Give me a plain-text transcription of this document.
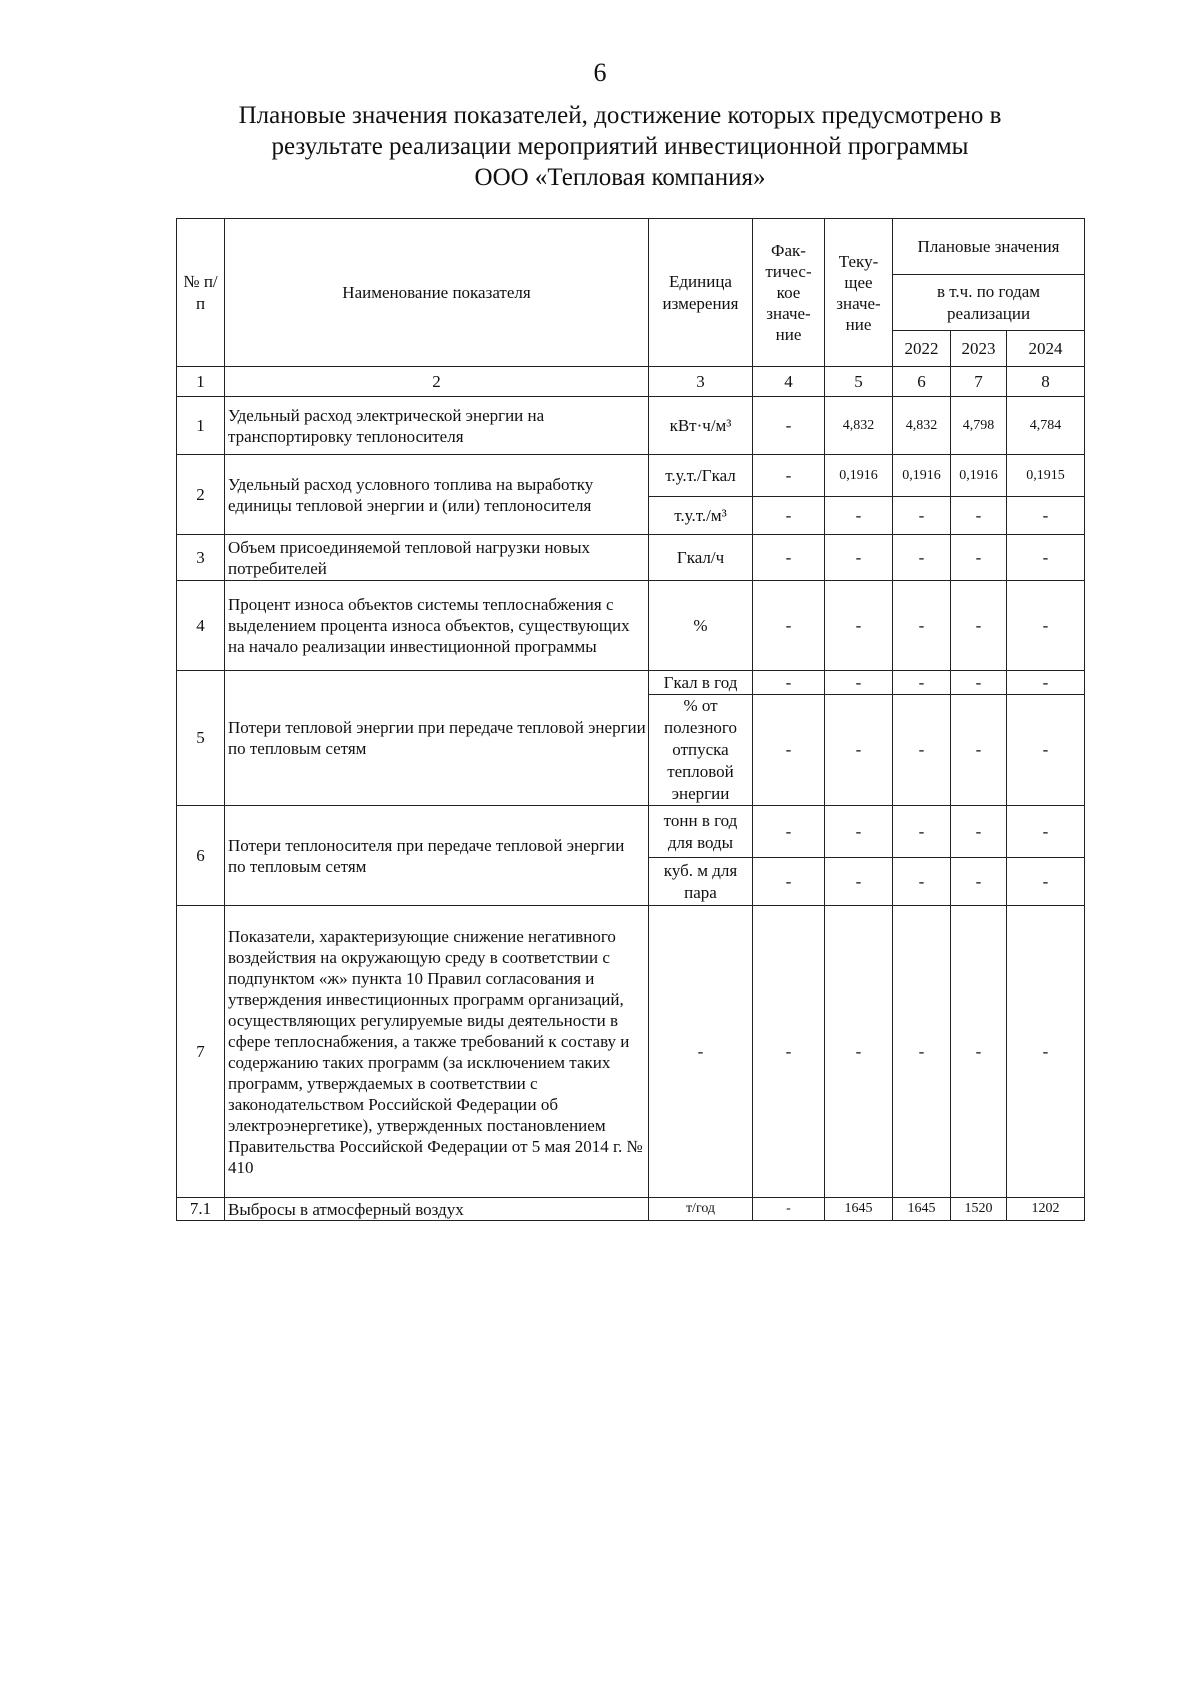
6
Плановые значения показателей, достижение которых предусмотрено в
результате реализации мероприятий инвестиционной программы
ООО «Тепловая компания»
№ п/п	Наименование показателя	Единица измерения	Фак-тичес-кое значе-ние	Теку-щее значе-ние	Плановые значения		
					в т.ч. по годам реализации		
					2022	2023	2024
1	2	3	4	5	6	7	8
1	Удельный расход электрической энергии на транспортировку теплоносителя	кВт·ч/м³	-	4,832	4,832	4,798	4,784
2	Удельный расход условного топлива на выработку единицы тепловой энергии и (или) теплоносителя	т.у.т./Гкал	-	0,1916	0,1916	0,1916	0,1915
		т.у.т./м³	-	-	-	-	-
3	Объем присоединяемой тепловой нагрузки новых потребителей	Гкал/ч	-	-	-	-	-
4	Процент износа объектов системы теплоснабжения с выделением процента износа объектов, существующих на начало реализации инвестиционной программы	%	-	-	-	-	-
5	Потери тепловой энергии при передаче тепловой энергии по тепловым сетям	Гкал в год	-	-	-	-	-
		% от полезного отпуска тепловой энергии	-	-	-	-	-
6	Потери теплоносителя при передаче тепловой энергии по тепловым сетям	тонн в год для воды	-	-	-	-	-
		куб. м для пара	-	-	-	-	-
7	Показатели, характеризующие снижение негативного воздействия на окружающую среду в соответствии с подпунктом «ж» пункта 10 Правил согласования и утверждения инвестиционных программ организаций, осуществляющих регулируемые виды деятельности в сфере теплоснабжения, а также требований к составу и содержанию таких программ (за исключением таких программ, утверждаемых в соответствии с законодательством Российской Федерации об электроэнергетике), утвержденных постановлением Правительства Российской Федерации от 5 мая 2014 г. № 410	-	-	-	-	-	-
7.1	Выбросы в атмосферный воздух	т/год	-	1645	1645	1520	1202
